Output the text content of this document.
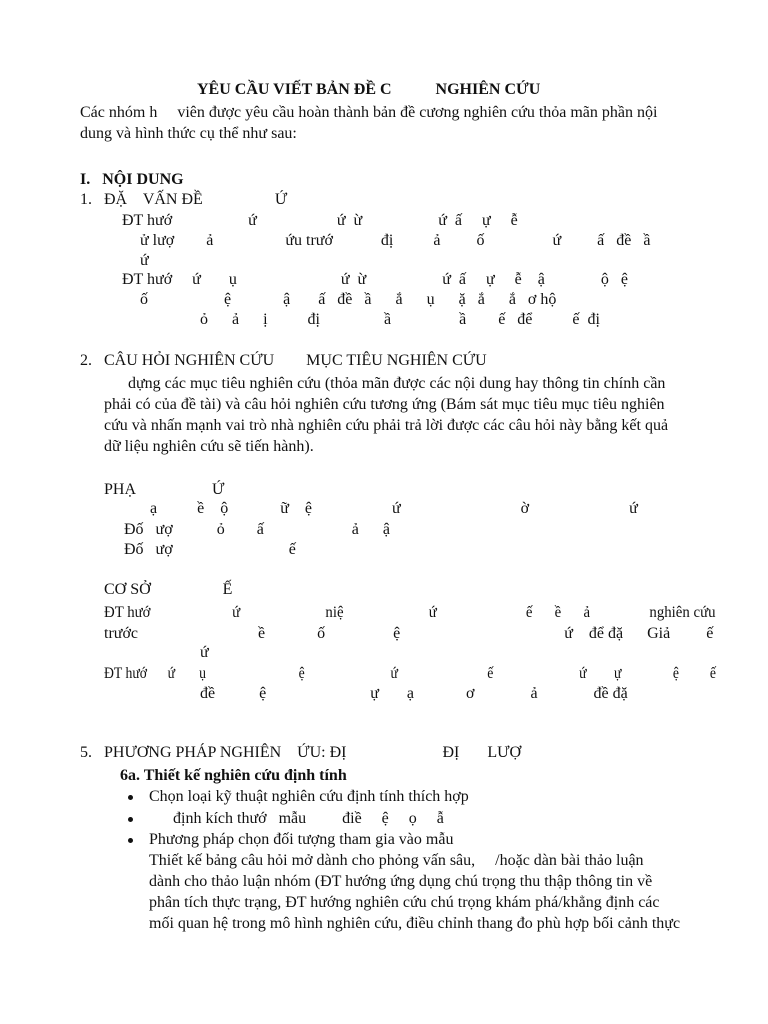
YÊU CẦU VIẾT BẢN ĐỀ C           NGHIÊN CỨU
Các nhóm h     viên được yêu cầu hoàn thành bản đề cương nghiên cứu thỏa mãn phần nội
dung và hình thức cụ thể như sau:
I.   NỘI DUNG
1.   ĐẶ    VẤN ĐỀ                  Ứ
ĐT hướ                   ứ                    ứ  ừ                   ứ  ấ     ự     ễ
ử lượ        ả                  ứu trướ            đị          ả         ố                 ứ         ấ   đề   ầ
ứ
ĐT hướ     ứ       ụ                          ứ  ừ                   ứ  ấ     ự     ễ    ậ              ộ   ệ
ố                   ệ             ậ       ấ   đề   ầ      ắ      ụ      ặ   ắ      ắ   ơ hộ
ỏ      ả      ị          đị                ầ                 ầ        ế   để          ế  đị
2.   CÂU HỎI NGHIÊN CỨU        MỤC TIÊU NGHIÊN CỨU
dựng các mục tiêu nghiên cứu (thỏa mãn được các nội dung hay thông tin chính cần
phải có của đề tài) và câu hỏi nghiên cứu tương ứng (Bám sát mục tiêu mục tiêu nghiên
cứu và nhấn mạnh vai trò nhà nghiên cứu phải trả lời được các câu hỏi này bằng kết quả
dữ liệu nghiên cứu sẽ tiến hành).
PHẠ                   Ứ
ạ          ề    ộ             ữ    ệ                    ứ                              ờ                         ứ
Đố   ượ           ỏ        ấ                      ả      ậ
Đố   ượ                             ế
CƠ SỞ                  Ế
ĐT hướ                      ứ                       niệ                       ứ                        ế      ề      ả                nghiên cứu
trước                              ề             ố                 ệ                                         ứ    để đặ      Giả         ế
ứ
ĐT hướ      ứ       ụ                           ệ                         ứ                          ế                         ứ        ự               ệ         ế
đề           ệ                          ự       ạ             ơ              ả              đề đặ
5.   PHƯƠNG PHÁP NGHIÊN    ỨU: ĐỊ                        ĐỊ       LƯỢ
6a. Thiết kế nghiên cứu định tính
Chọn loại kỹ thuật nghiên cứu định tính thích hợp
định kích thướ   mẫu         điề     ệ     ọ     ẫ
Phương pháp chọn đối tượng tham gia vào mẫu
Thiết kế bảng câu hỏi mở dành cho phỏng vấn sâu,     /hoặc dàn bài thảo luận
dành cho thảo luận nhóm (ĐT hướng ứng dụng chú trọng thu thập thông tin về
phân tích thực trạng, ĐT hướng nghiên cứu chú trọng khám phá/khẳng định các
mối quan hệ trong mô hình nghiên cứu, điều chỉnh thang đo phù hợp bối cảnh thực
